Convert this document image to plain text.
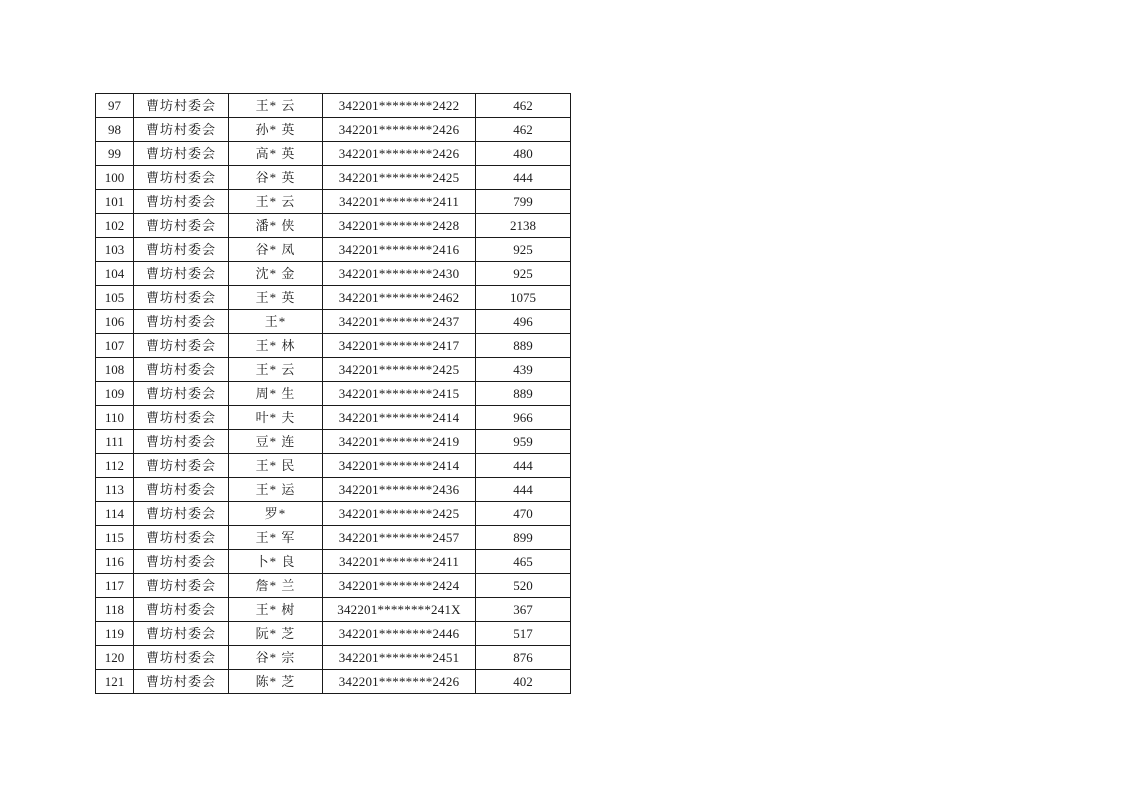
97	曹坊村委会	王* 云	342201********2422	462
98	曹坊村委会	孙* 英	342201********2426	462
99	曹坊村委会	高* 英	342201********2426	480
100	曹坊村委会	谷* 英	342201********2425	444
101	曹坊村委会	王* 云	342201********2411	799
102	曹坊村委会	潘* 侠	342201********2428	2138
103	曹坊村委会	谷* 凤	342201********2416	925
104	曹坊村委会	沈* 金	342201********2430	925
105	曹坊村委会	王* 英	342201********2462	1075
106	曹坊村委会	王*	342201********2437	496
107	曹坊村委会	王* 林	342201********2417	889
108	曹坊村委会	王* 云	342201********2425	439
109	曹坊村委会	周* 生	342201********2415	889
110	曹坊村委会	叶* 夫	342201********2414	966
111	曹坊村委会	豆* 连	342201********2419	959
112	曹坊村委会	王* 民	342201********2414	444
113	曹坊村委会	王* 运	342201********2436	444
114	曹坊村委会	罗*	342201********2425	470
115	曹坊村委会	王* 军	342201********2457	899
116	曹坊村委会	卜* 良	342201********2411	465
117	曹坊村委会	詹* 兰	342201********2424	520
118	曹坊村委会	王* 树	342201********241X	367
119	曹坊村委会	阮* 芝	342201********2446	517
120	曹坊村委会	谷* 宗	342201********2451	876
121	曹坊村委会	陈* 芝	342201********2426	402
